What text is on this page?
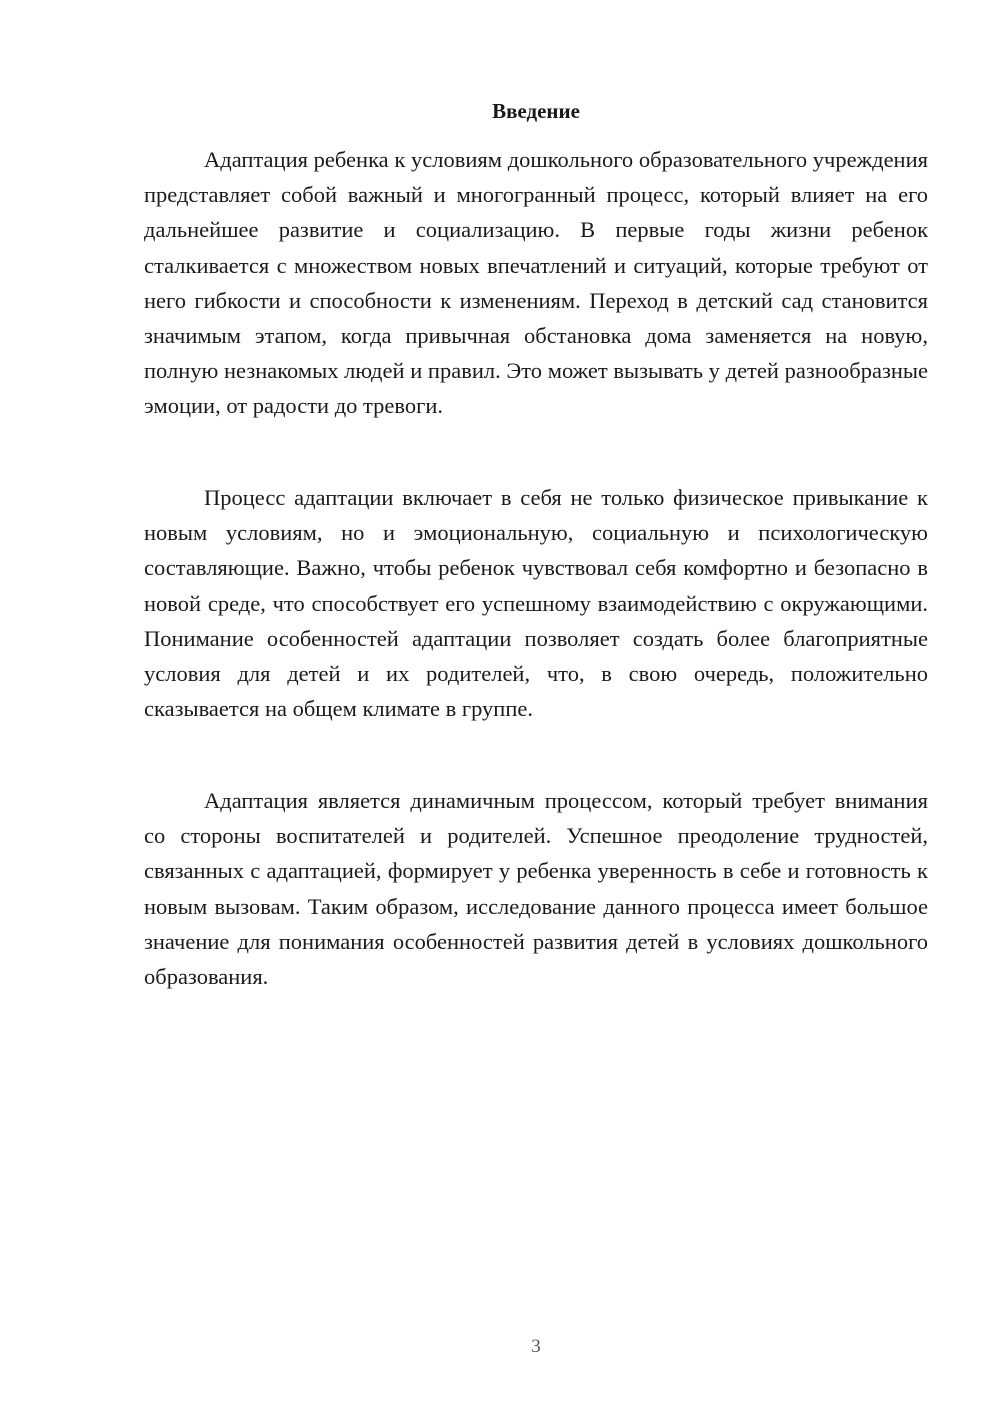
Введение

Адаптация ребенка к условиям дошкольного образовательного учреждения представляет собой важный и многогранный процесс, который влияет на его дальнейшее развитие и социализацию. В первые годы жизни ребенок сталкивается с множеством новых впечатлений и ситуаций, которые требуют от него гибкости и способности к изменениям. Переход в детский сад становится значимым этапом, когда привычная обстановка дома заменяется на новую, полную незнакомых людей и правил. Это может вызывать у детей разнообразные эмоции, от радости до тревоги.

Процесс адаптации включает в себя не только физическое привыкание к новым условиям, но и эмоциональную, социальную и психологическую составляющие. Важно, чтобы ребенок чувствовал себя комфортно и безопасно в новой среде, что способствует его успешному взаимодействию с окружающими. Понимание особенностей адаптации позволяет создать более благоприятные условия для детей и их родителей, что, в свою очередь, положительно сказывается на общем климате в группе.

Адаптация является динамичным процессом, который требует внимания со стороны воспитателей и родителей. Успешное преодоление трудностей, связанных с адаптацией, формирует у ребенка уверенность в себе и готовность к новым вызовам. Таким образом, исследование данного процесса имеет большое значение для понимания особенностей развития детей в условиях дошкольного образования.

3
